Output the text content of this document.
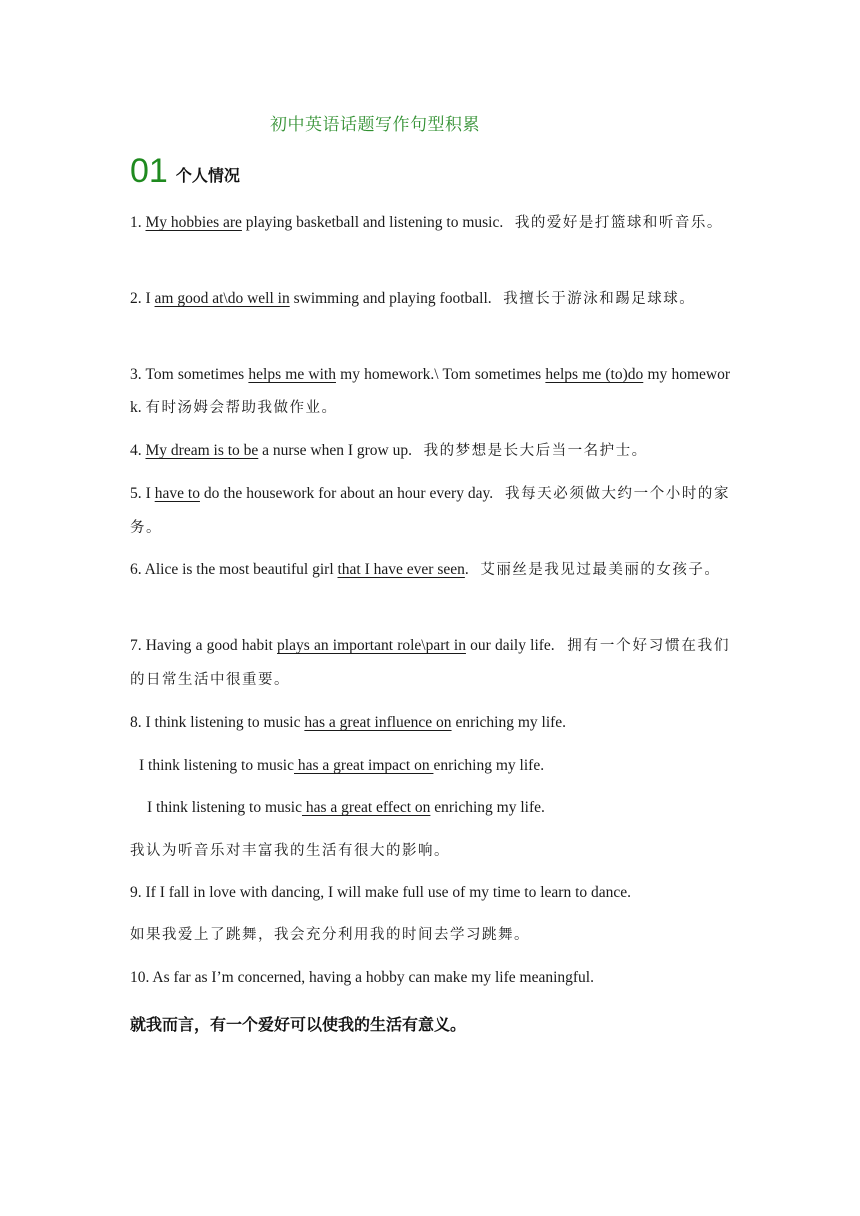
初中英语话题写作句型积累
01 个人情况
1. My hobbies are playing basketball and listening to music. 我的爱好是打篮球和听音乐。
2. I am good at\do well in swimming and playing football. 我擅长于游泳和踢足球球。
3. Tom sometimes helps me with my homework.\ Tom sometimes helps me (to)do my homework. 有时汤姆会帮助我做作业。
4. My dream is to be a nurse when I grow up. 我的梦想是长大后当一名护士。
5. I have to do the housework for about an hour every day. 我每天必须做大约一个小时的家务。
6. Alice is the most beautiful girl that I have ever seen. 艾丽丝是我见过最美丽的女孩子。
7. Having a good habit plays an important role\part in our daily life. 拥有一个好习惯在我们的日常生活中很重要。
8. I think listening to music has a great influence on enriching my life.
I think listening to music has a great impact on enriching my life.
I think listening to music has a great effect on enriching my life.
我认为听音乐对丰富我的生活有很大的影响。
9. If I fall in love with dancing, I will make full use of my time to learn to dance.
如果我爱上了跳舞，我会充分利用我的时间去学习跳舞。
10. As far as I’m concerned, having a hobby can make my life meaningful.
就我而言，有一个爱好可以使我的生活有意义。
